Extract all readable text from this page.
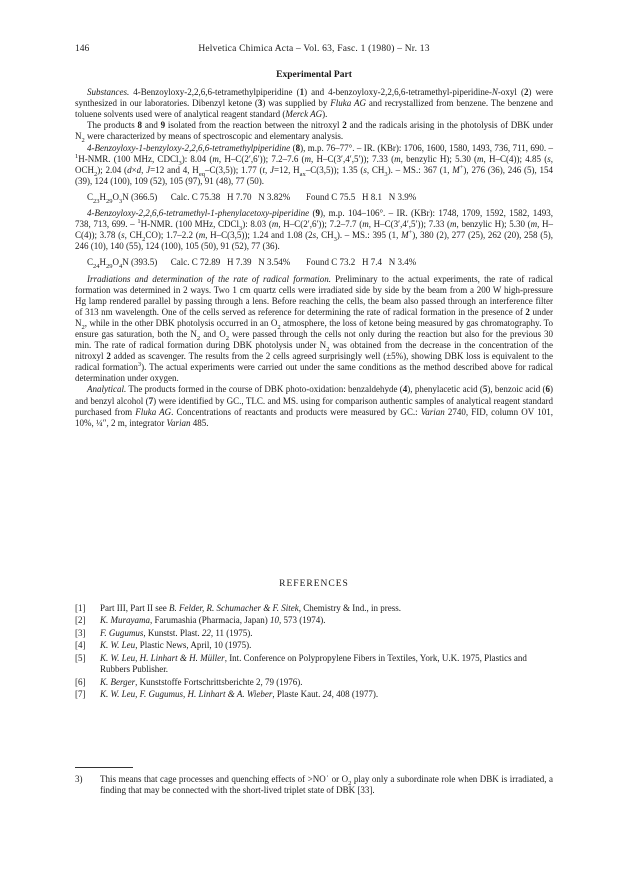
146	Helvetica Chimica Acta – Vol. 63, Fasc. 1 (1980) – Nr. 13
Experimental Part

Substances. 4-Benzoyloxy-2,2,6,6-tetramethylpiperidine (1) and 4-benzoyloxy-2,2,6,6-tetramethyl-piperidine-N-oxyl (2) were synthesized in our laboratories. Dibenzyl ketone (3) was supplied by Fluka AG and recrystallized from benzene. The benzene and toluene solvents used were of analytical reagent standard (Merck AG).

The products 8 and 9 isolated from the reaction between the nitroxyl 2 and the radicals arising in the photolysis of DBK under $N_2$ were characterized by means of spectroscopic and elementary analysis.

4-Benzoyloxy-1-benzyloxy-2,2,6,6-tetramethylpiperidine (8), m.p. 76–77°. – IR. (KBr): 1706, 1600, 1580, 1493, 736, 711, 690. – $^1$H-NMR. (100 MHz, CDCl$_3$): 8.04 (m, H–C(2′,6′)); 7.2–7.6 (m, H–C(3′,4′,5′)); 7.33 (m, benzylic H); 5.30 (m, H–C(4)); 4.85 (s, $OCH_2$); 2.04 (d×d, J=12 and 4, $H_{eq}-C(3,5)$); 1.77 (t, J=12, $H_{ax}-C(3,5)$); 1.35 (s, $CH_3$). – MS.: 367 (1, M+), 276 (36), 246 (5), 154 (39), 124 (100), 109 (52), 105 (97), 91 (48), 77 (50).

$C_{23}H_{29}O_3N$ (366.5)      Calc. C 75.38   H 7.70   N 3.82%       Found C 75.5   H 8.1   N 3.9%

4-Benzoyloxy-2,2,6,6-tetramethyl-1-phenylacetoxy-piperidine (9), m.p. 104–106°. – IR. (KBr): 1748, 1709, 1592, 1582, 1493, 738, 713, 699. – $^1$H-NMR. (100 MHz, CDCl$_3$): 8.03 (m, H–C(2′,6′)); 7.2–7.7 (m, H–C(3′,4′,5′)); 7.33 (m, benzylic H); 5.30 (m, H–C(4)); 3.78 (s, $CH_2CO$); 1.7–2.2 (m, H–C(3,5)); 1.24 and 1.08 (2s, $CH_3$). – MS.: 395 (1, M+), 380 (2), 277 (25), 262 (20), 258 (5), 246 (10), 140 (55), 124 (100), 105 (50), 91 (52), 77 (36).

$C_{24}H_{29}O_4N$ (393.5)      Calc. C 72.89   H 7.39   N 3.54%       Found C 73.2   H 7.4   N 3.4%

Irradiations and determination of the rate of radical formation. Preliminary to the actual experiments, the rate of radical formation was determined in 2 ways. Two 1 cm quartz cells were irradiated side by side by the beam from a 200 W high-pressure Hg lamp rendered parallel by passing through a lens. Before reaching the cells, the beam also passed through an interference filter of 313 nm wavelength. One of the cells served as reference for determining the rate of radical formation in the presence of 2 under $N_2$, while in the other DBK photolysis occurred in an $O_2$ atmosphere, the loss of ketone being measured by gas chromatography. To ensure gas saturation, both the $N_2$ and $O_2$ were passed through the cells not only during the reaction but also for the previous 30 min. The rate of radical formation during DBK photolysis under $N_2$ was obtained from the decrease in the concentration of the nitroxyl 2 added as scavenger. The results from the 2 cells agreed surprisingly well (±5%), showing DBK loss is equivalent to the radical formation$^3$). The actual experiments were carried out under the same conditions as the method described above for radical determination under oxygen.

Analytical. The products formed in the course of DBK photo-oxidation: benzaldehyde (4), phenylacetic acid (5), benzoic acid (6) and benzyl alcohol (7) were identified by GC., TLC. and MS. using for comparison authentic samples of analytical reagent standard purchased from Fluka AG. Concentrations of reactants and products were measured by GC.: Varian 2740, FID, column OV 101, 10%, ¼″, 2 m, integrator Varian 485.

REFERENCES
[1] Part III, Part II see B. Felder, R. Schumacher & F. Sitek, Chemistry & Ind., in press.
[2] K. Murayama, Farumashia (Pharmacia, Japan) 10, 573 (1974).
[3] F. Gugumus, Kunstst. Plast. 22, 11 (1975).
[4] K. W. Leu, Plastic News, April, 10 (1975).
[5] K. W. Leu, H. Linhart & H. Müller, Int. Conference on Polypropylene Fibers in Textiles, York, U.K. 1975, Plastics and Rubbers Publisher.
[6] K. Berger, Kunststoffe Fortschrittsberichte 2, 79 (1976).
[7] K. W. Leu, F. Gugumus, H. Linhart & A. Wieber, Plaste Kaut. 24, 408 (1977).
3)	This means that cage processes and quenching effects of >NO˙ or $O_2$ play only a subordinate role when DBK is irradiated, a finding that may be connected with the short-lived triplet state of DBK [33].
